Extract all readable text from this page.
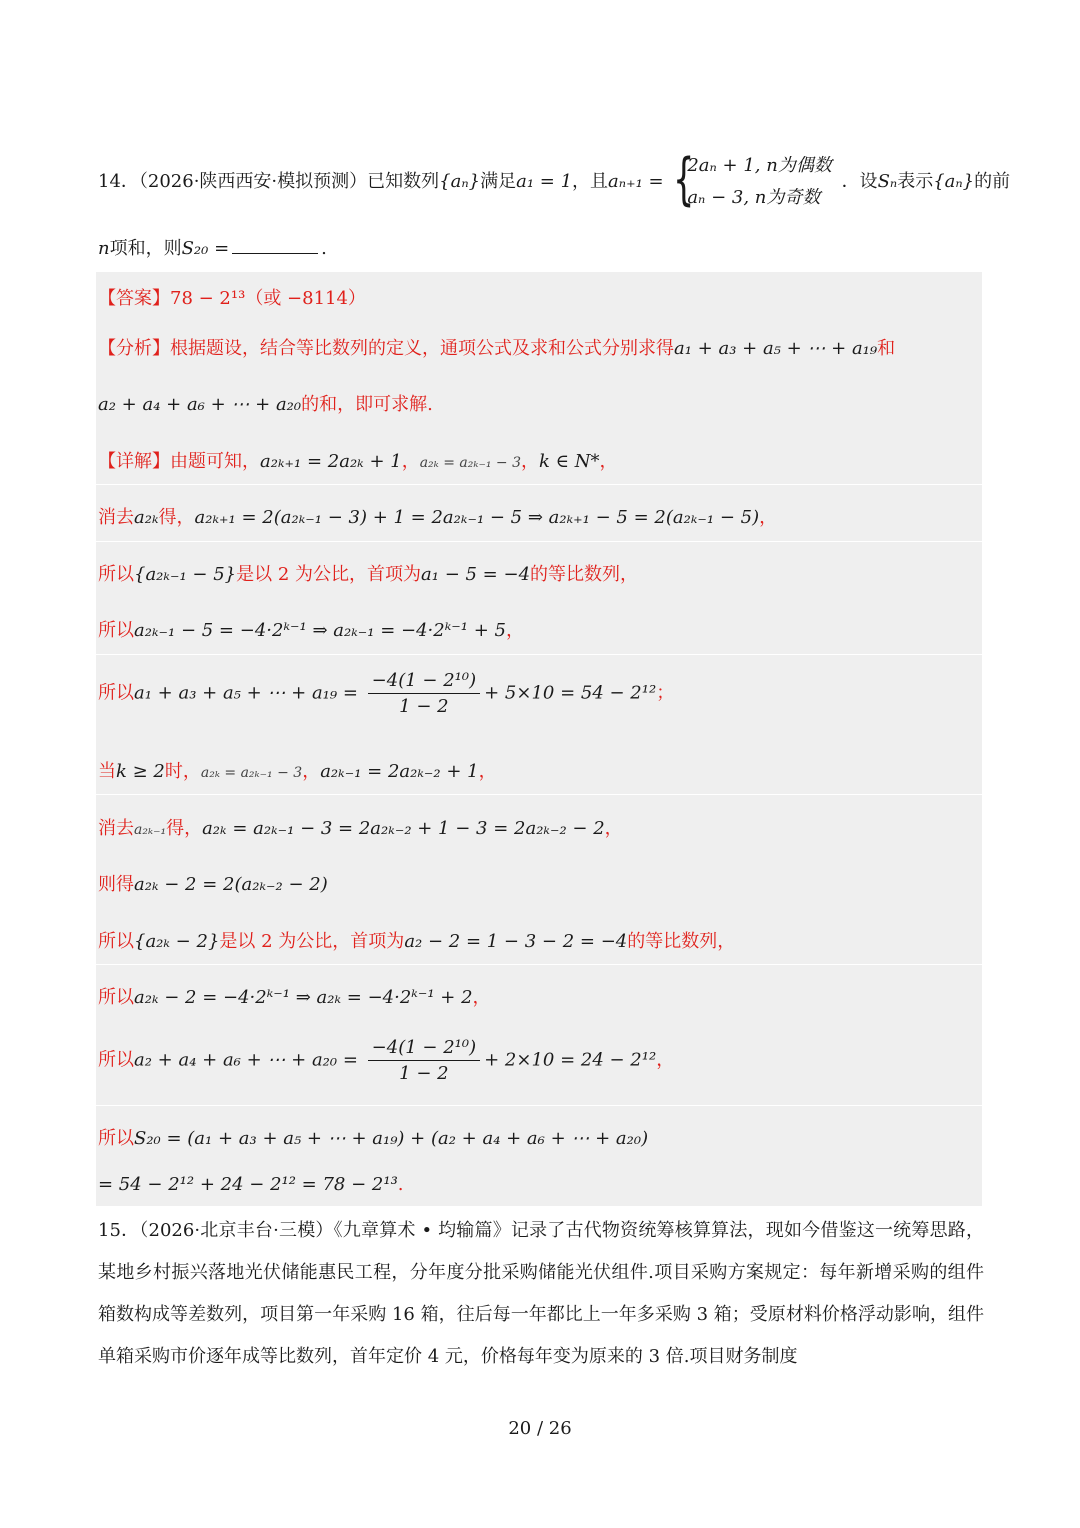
14．（2026·陕西西安·模拟预测）已知数列{aₙ}满足a₁ = 1，且aₙ₊₁ = {
2aₙ + 1, n为偶数
aₙ − 3, n为奇数
．设Sₙ表示{aₙ}的前
n项和，则S₂₀ =	.
【答案】78 − 2¹³（或 −8114）
【分析】根据题设，结合等比数列的定义，通项公式及求和公式分别求得a₁ + a₃ + a₅ + ⋯ + a₁₉和
a₂ + a₄ + a₆ + ⋯ + a₂₀的和，即可求解.
【详解】由题可知，a₂ₖ₊₁ = 2a₂ₖ + 1，a₂ₖ = a₂ₖ₋₁ − 3，k ∈ N*，
消去a₂ₖ得，a₂ₖ₊₁ = 2(a₂ₖ₋₁ − 3) + 1 = 2a₂ₖ₋₁ − 5 ⇒ a₂ₖ₊₁ − 5 = 2(a₂ₖ₋₁ − 5)，
所以{a₂ₖ₋₁ − 5}是以 2 为公比，首项为a₁ − 5 = −4的等比数列，
所以a₂ₖ₋₁ − 5 = −4·2ᵏ⁻¹ ⇒ a₂ₖ₋₁ = −4·2ᵏ⁻¹ + 5，
所以a₁ + a₃ + a₅ + ⋯ + $a_{19} = \frac{\text{−4(1 − 2¹⁰)}}{1 - 2} + 5\times 10 = 54 - 2^{12}$；
当k ≥ 2时，a₂ₖ = a₂ₖ₋₁ − 3，a₂ₖ₋₁ = 2a₂ₖ₋₂ + 1，
消去a₂ₖ₋₁得，a₂ₖ = a₂ₖ₋₁ − 3 = 2a₂ₖ₋₂ + 1 − 3 = 2a₂ₖ₋₂ − 2，
则得a₂ₖ − 2 = 2(a₂ₖ₋₂ − 2)
所以{a₂ₖ − 2}是以 2 为公比，首项为a₂ − 2 = 1 − 3 − 2 = −4的等比数列，
所以a₂ₖ − 2 = −4·2ᵏ⁻¹ ⇒ a₂ₖ = −4·2ᵏ⁻¹ + 2，
所以a₂ + a₄ + a₆ + ⋯ + $a_{20} = \frac{\text{−4(1 − 2¹⁰)}}{1 - 2} + 2\times 10 = 24 - 2^{12}$，
所以S₂₀ = (a₁ + a₃ + a₅ + ⋯ + a₁₉) + (a₂ + a₄ + a₆ + ⋯ + a₂₀)
= 54 − 2¹² + 24 − 2¹² = 78 − 2¹³.
15．（2026·北京丰台·三模）《九章算术 • 均输篇》记录了古代物资统筹核算算法，现如今借鉴这一统筹思路，某地乡村振兴落地光伏储能惠民工程，分年度分批采购储能光伏组件.项目采购方案规定：每年新增采购的组件箱数构成等差数列，项目第一年采购 16 箱，往后每一年都比上一年多采购 3 箱；受原材料价格浮动影响，组件单箱采购市价逐年成等比数列，首年定价 4 元，价格每年变为原来的 3 倍.项目财务制度
20 / 26
